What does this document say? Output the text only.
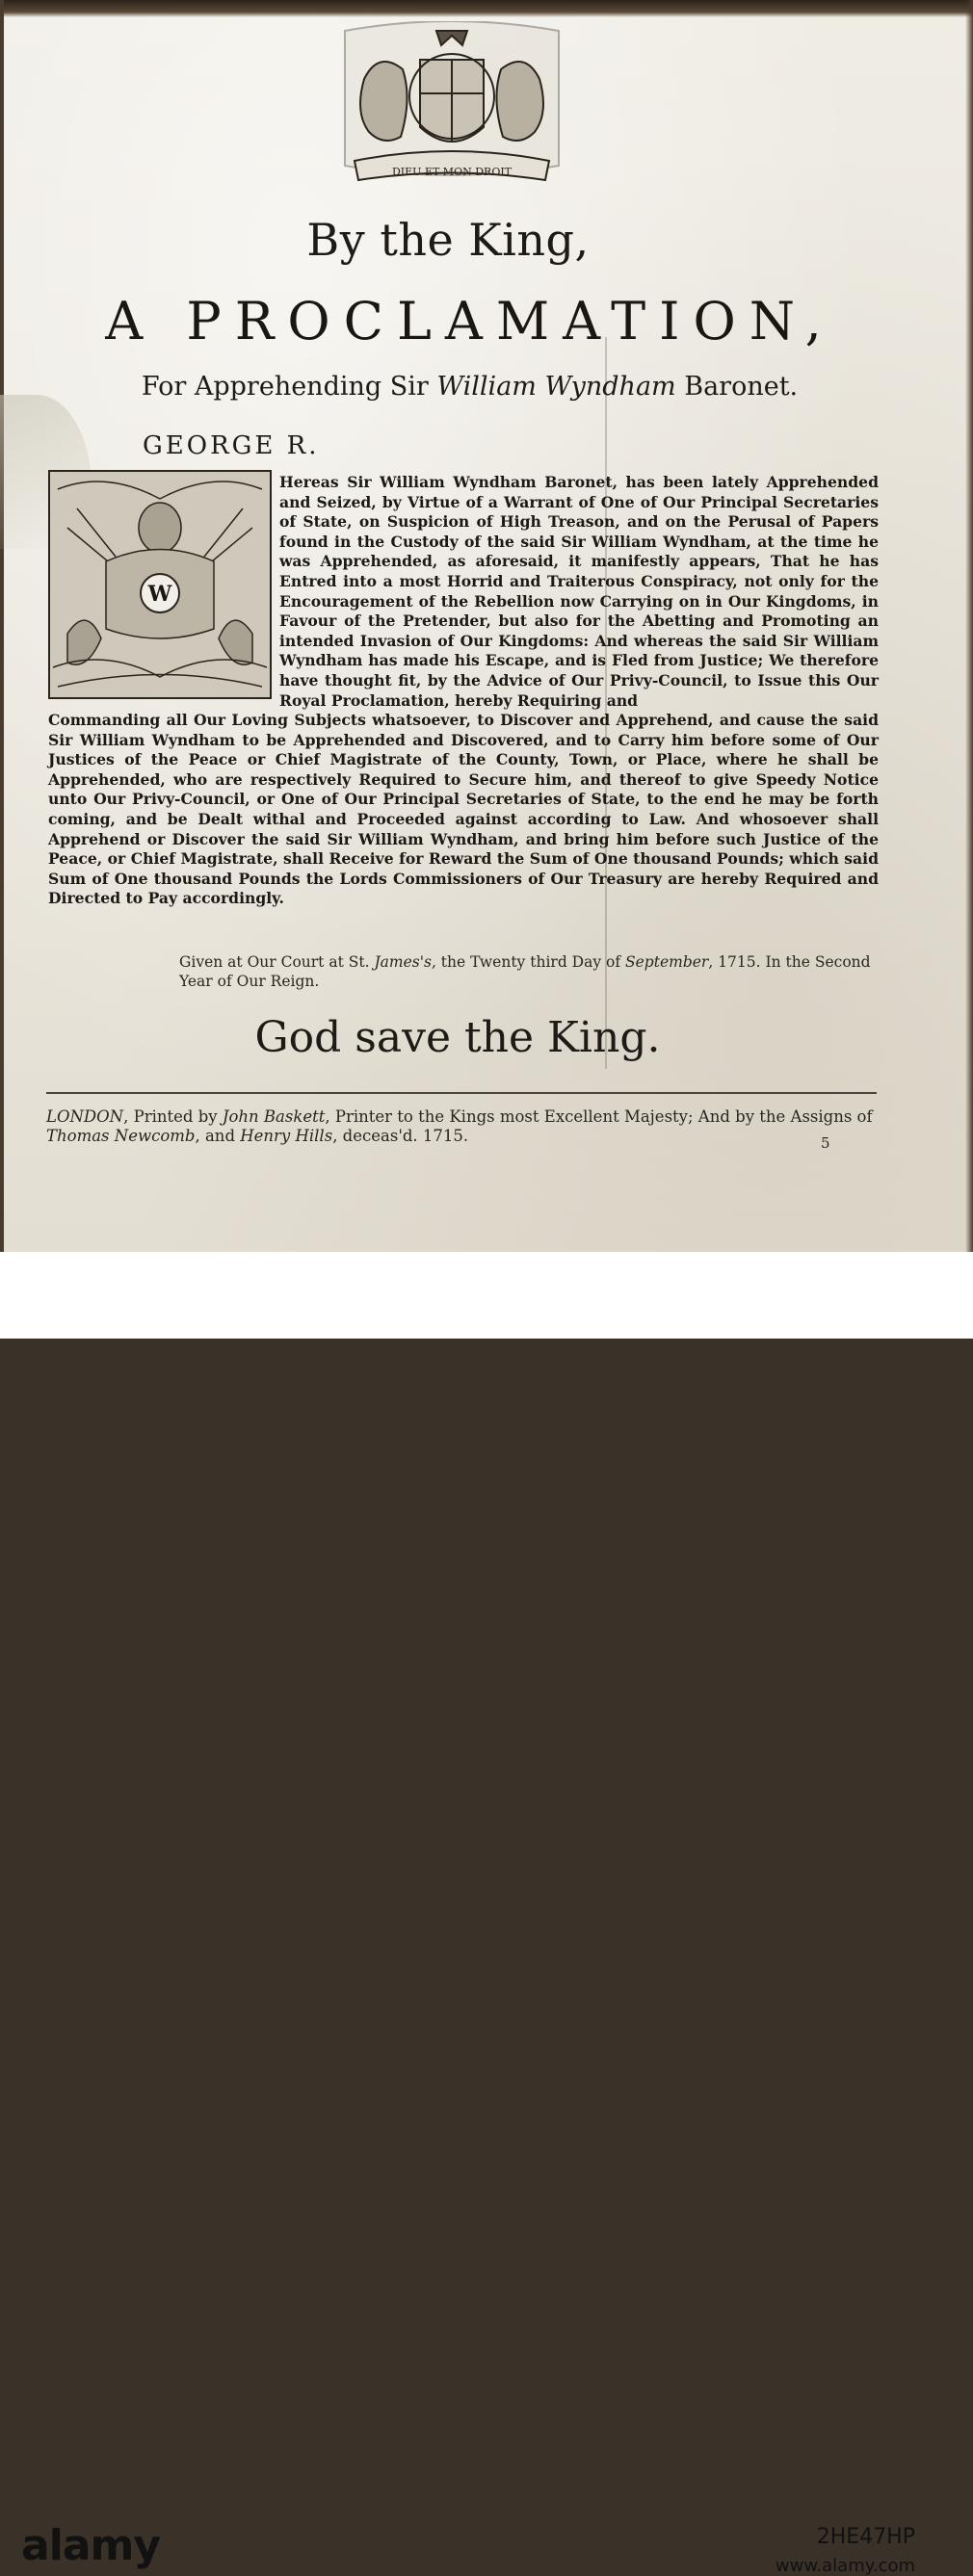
DIEU ET MON DROIT
By the King,
A PROCLAMATION,
For Apprehending Sir William Wyndham Baronet.
GEORGE R.
W
Hereas Sir William Wyndham Baronet, has been lately Apprehended and Seized, by Virtue of a Warrant of One of Our Principal Secretaries of State, on Suspicion of High Treason, and on the Perusal of Papers found in the Custody of the said Sir William Wyndham, at the time he was Apprehended, as aforesaid, it manifestly appears, That he has Entred into a most Horrid and Traiterous Conspiracy, not only for the Encouragement of the Rebellion now Carrying on in Our Kingdoms, in Favour of the Pretender, but also for the Abetting and Promoting an intended Invasion of Our Kingdoms: And whereas the said Sir William Wyndham has made his Escape, and is Fled from Justice; We therefore have thought fit, by the Advice of Our Privy-Council, to Issue this Our Royal Proclamation, hereby Requiring and
Commanding all Our Loving Subjects whatsoever, to Discover and Apprehend, and cause the said Sir William Wyndham to be Apprehended and Discovered, and to Carry him before some of Our Justices of the Peace or Chief Magistrate of the County, Town, or Place, where he shall be Apprehended, who are respectively Required to Secure him, and thereof to give Speedy Notice unto Our Privy-Council, or One of Our Principal Secretaries of State, to the end he may be forth coming, and be Dealt withal and Proceeded against according to Law. And whosoever shall Apprehend or Discover the said Sir William Wyndham, and bring him before such Justice of the Peace, or Chief Magistrate, shall Receive for Reward the Sum of One thousand Pounds; which said Sum of One thousand Pounds the Lords Commissioners of Our Treasury are hereby Required and Directed to Pay accordingly.
Given at Our Court at St. James's, the Twenty third Day of September, 1715. In the Second Year of Our Reign.
God save the King.
LONDON, Printed by John Baskett, Printer to the Kings most Excellent Majesty; And by the Assigns of Thomas Newcomb, and Henry Hills, deceas'd. 1715.	5
alamy	2HE47HP
www.alamy.com
